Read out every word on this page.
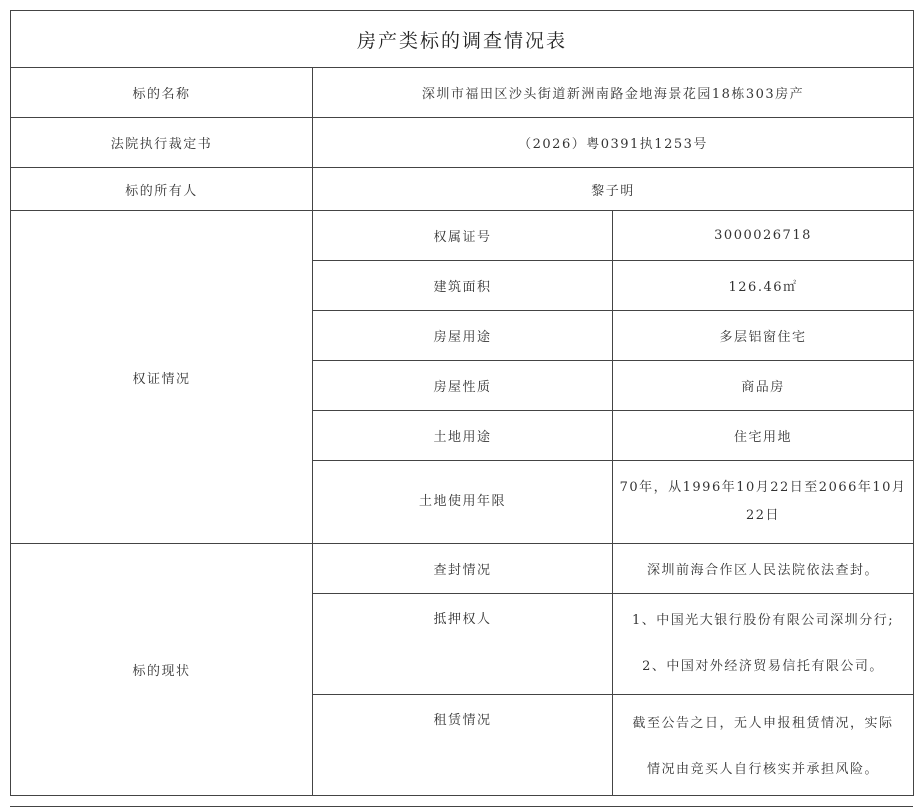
房产类标的调查情况表		
标的名称	深圳市福田区沙头街道新洲南路金地海景花园18栋303房产	
法院执行裁定书	（2026）粤0391执1253号	
标的所有人	黎子明	
权证情况	权属证号	3000026718
	建筑面积	126.46㎡
	房屋用途	多层铝窗住宅
	房屋性质	商品房
	土地用途	住宅用地
	土地使用年限	70年，从1996年10月22日至2066年10月22日
标的现状	查封情况	深圳前海合作区人民法院依法查封。
	抵押权人	1、中国光大银行股份有限公司深圳分行;
2、中国对外经济贸易信托有限公司。

	租赁情况	截至公告之日，无人申报租赁情况，实际
情况由竞买人自行核实并承担风险。
